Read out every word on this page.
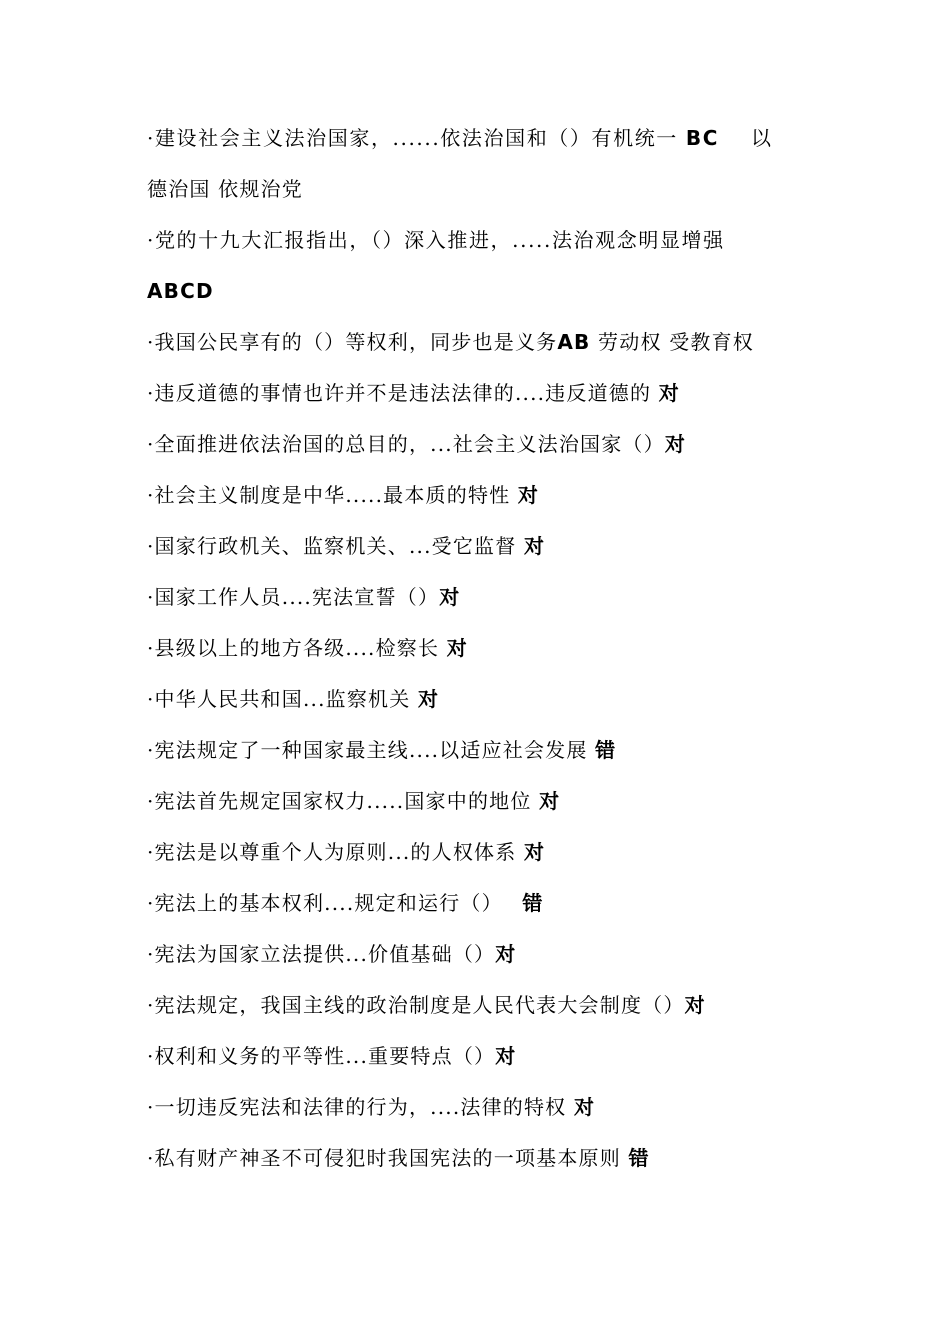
·建设社会主义法治国家，......依法治国和（）有机统一 BC 以
德治国 依规治党
·党的十九大汇报指出，（）深入推进，.....法治观念明显增强
ABCD
·我国公民享有的（）等权利，同步也是义务AB 劳动权 受教育权
·违反道德的事情也许并不是违法法律的....违反道德的 对
·全面推进依法治国的总目的，...社会主义法治国家（）对
·社会主义制度是中华.....最本质的特性 对
·国家行政机关、监察机关、...受它监督 对
·国家工作人员....宪法宣誓（）对
·县级以上的地方各级....检察长 对
·中华人民共和国...监察机关 对
·宪法规定了一种国家最主线....以适应社会发展 错
·宪法首先规定国家权力.....国家中的地位 对
·宪法是以尊重个人为原则...的人权体系 对
·宪法上的基本权利....规定和运行（） 错
·宪法为国家立法提供...价值基础（）对
·宪法规定，我国主线的政治制度是人民代表大会制度（）对
·权利和义务的平等性...重要特点（）对
·一切违反宪法和法律的行为，....法律的特权 对
·私有财产神圣不可侵犯时我国宪法的一项基本原则 错
